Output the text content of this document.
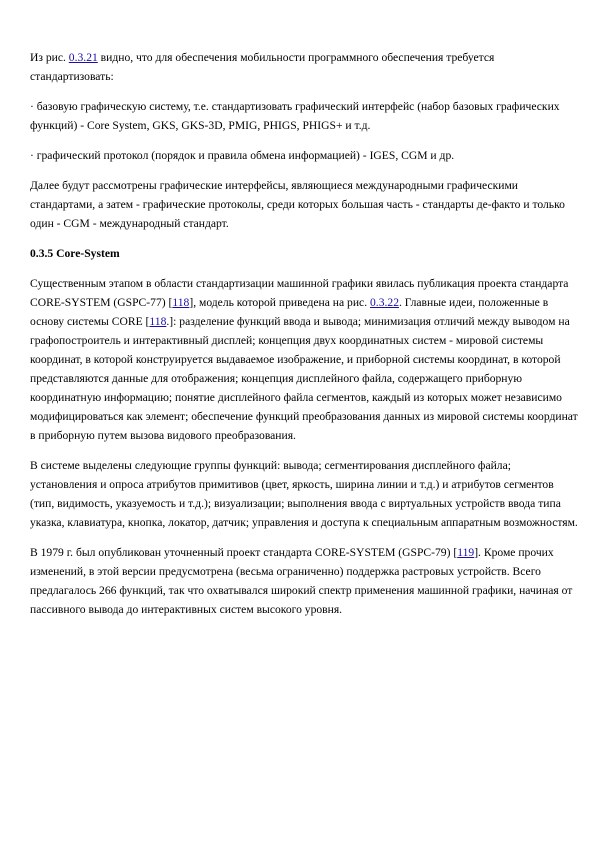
Из рис. 0.3.21 видно, что для обеспечения мобильности программного обеспечения требуется стандартизовать:

· базовую графическую систему, т.е. стандартизовать графический интерфейс (набор базовых графических функций) - Core System, GKS, GKS-3D, PMIG, PHIGS, PHIGS+ и т.д.

· графический протокол (порядок и правила обмена информацией) - IGES, CGM и др.

Далее будут рассмотрены графические интерфейсы, являющиеся международными графическими стандартами, а затем - графические протоколы, среди которых большая часть - стандарты де-факто и только один - CGM - международный стандарт.

0.3.5 Core-System

Существенным этапом в области стандартизации машинной графики явилась публикация проекта стандарта CORE-SYSTEM (GSPC-77) [118], модель которой приведена на рис. 0.3.22. Главные идеи, положенные в основу системы CORE [118.]: разделение функций ввода и вывода; минимизация отличий между выводом на графопостроитель и интерактивный дисплей; концепция двух координатных систем - мировой системы координат, в которой конструируется выдаваемое изображение, и приборной системы координат, в которой представляются данные для отображения; концепция дисплейного файла, содержащего приборную координатную информацию; понятие дисплейного файла сегментов, каждый из которых может независимо модифицироваться как элемент; обеспечение функций преобразования данных из мировой системы координат в приборную путем вызова видового преобразования.

В системе выделены следующие группы функций: вывода; сегментирования дисплейного файла; установления и опроса атрибутов примитивов (цвет, яркость, ширина линии и т.д.) и атрибутов сегментов (тип, видимость, указуемость и т.д.); визуализации; выполнения ввода с виртуальных устройств ввода типа указка, клавиатура, кнопка, локатор, датчик; управления и доступа к специальным аппаратным возможностям.

В 1979 г. был опубликован уточненный проект стандарта CORE-SYSTEM (GSPC-79) [119]. Кроме прочих изменений, в этой версии предусмотрена (весьма ограниченно) поддержка растровых устройств. Всего предлагалось 266 функций, так что охватывался широкий спектр применения машинной графики, начиная от пассивного вывода до интерактивных систем высокого уровня.
